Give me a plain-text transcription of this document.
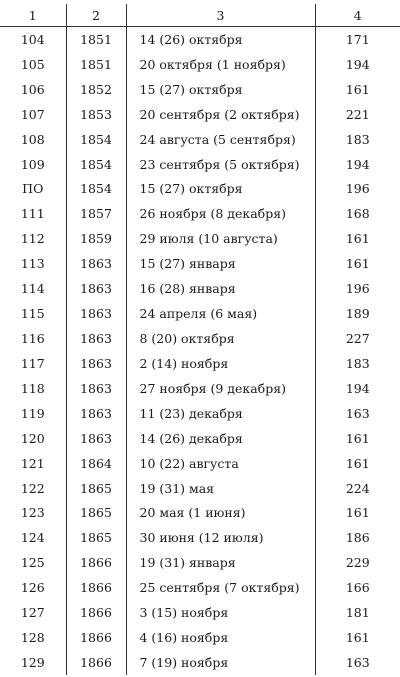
1	2	3	4
104	1851	14 (26) октября	171
105	1851	20 октября (1 ноября)	194
106	1852	15 (27) октября	161
107	1853	20 сентября (2 октября)	221
108	1854	24 августа (5 сентября)	183
109	1854	23 сентября (5 октября)	194
ПО	1854	15 (27) октября	196
111	1857	26 ноября (8 декабря)	168
112	1859	29 июля (10 августа)	161
113	1863	15 (27) января	161
114	1863	16 (28) января	196
115	1863	24 апреля (6 мая)	189
116	1863	8 (20) октября	227
117	1863	2 (14) ноября	183
118	1863	27 ноября (9 декабря)	194
119	1863	11 (23) декабря	163
120	1863	14 (26) декабря	161
121	1864	10 (22) августа	161
122	1865	19 (31) мая	224
123	1865	20 мая (1 июня)	161
124	1865	30 июня (12 июля)	186
125	1866	19 (31) января	229
126	1866	25 сентября (7 октября)	166
127	1866	3 (15) ноября	181
128	1866	4 (16) ноября	161
129	1866	7 (19) ноября	163
